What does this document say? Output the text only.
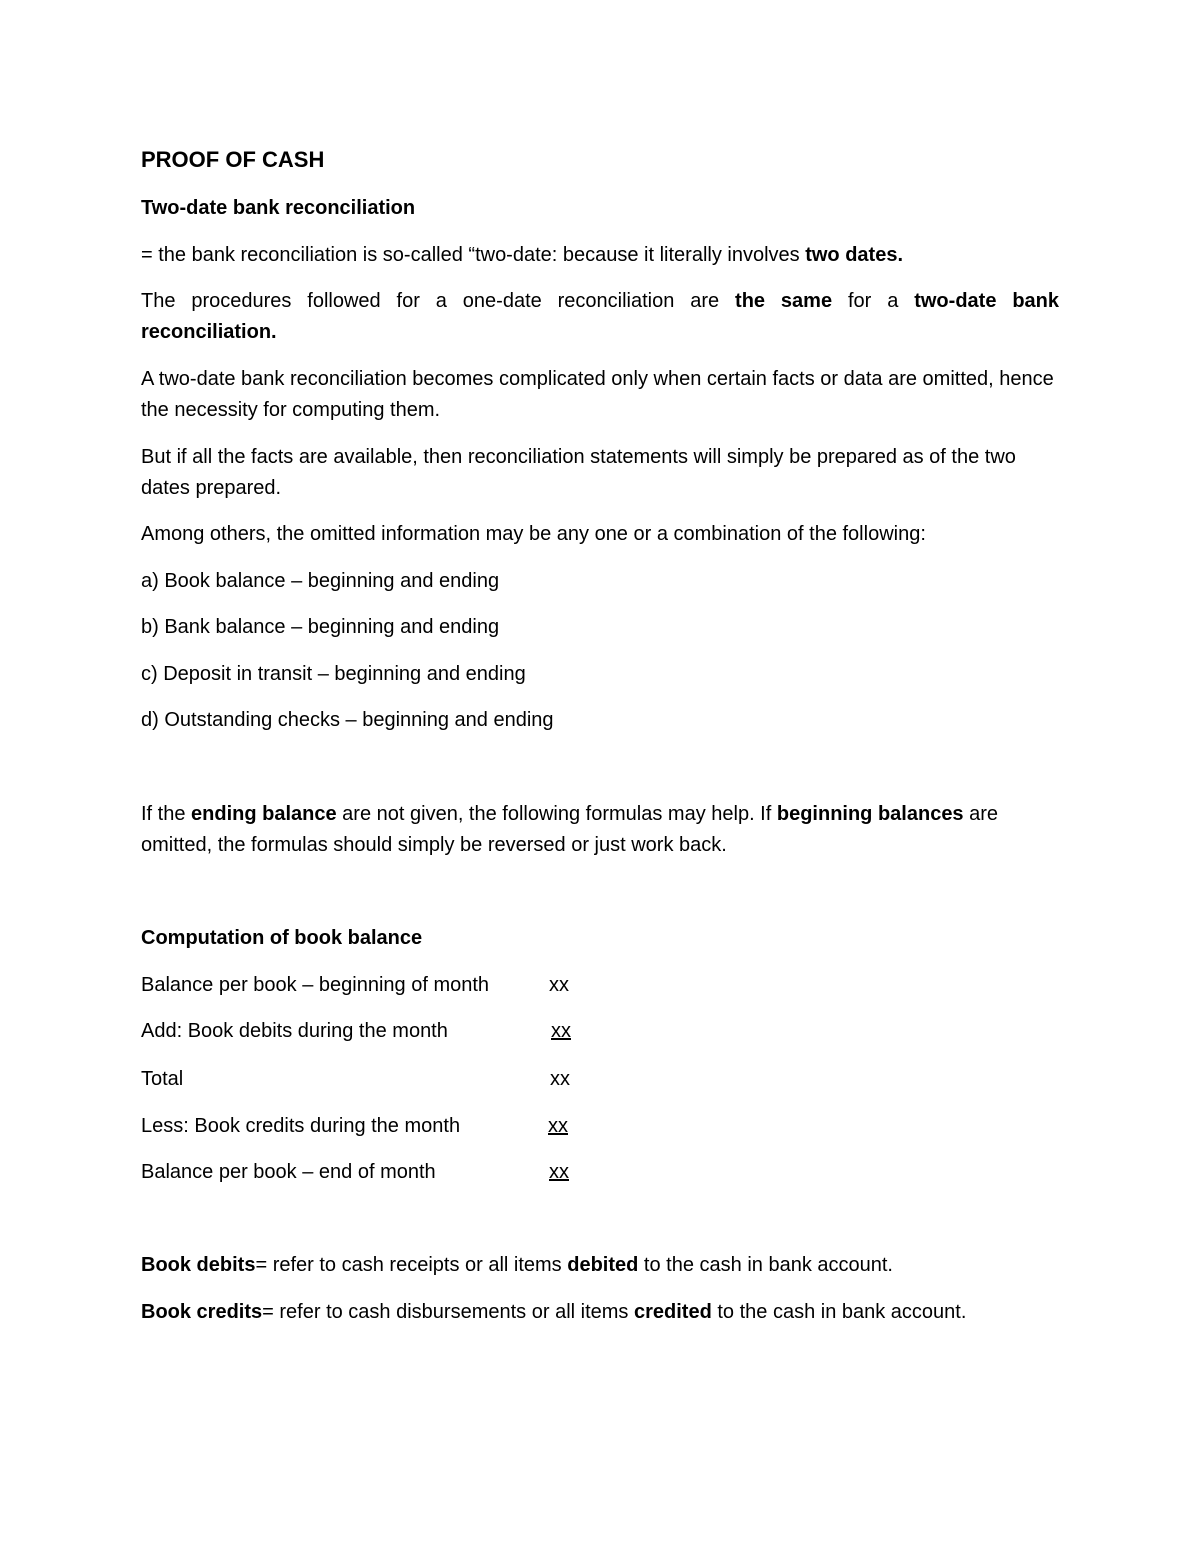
PROOF OF CASH

Two-date bank reconciliation

= the bank reconciliation is so-called “two-date: because it literally involves two dates.

The procedures followed for a one-date reconciliation are the same for a two-date bank reconciliation.

A two-date bank reconciliation becomes complicated only when certain facts or data are omitted, hence the necessity for computing them.

But if all the facts are available, then reconciliation statements will simply be prepared as of the two dates prepared.

Among others, the omitted information may be any one or a combination of the following:

a) Book balance – beginning and ending

b) Bank balance – beginning and ending

c) Deposit in transit – beginning and ending

d) Outstanding checks – beginning and ending

If the ending balance are not given, the following formulas may help. If beginning balances are omitted, the formulas should simply be reversed or just work back.

Computation of book balance

Balance per book – beginning of month	xx
Add: Book debits during the month	xx
Total	xx
Less: Book credits during the month	xx
Balance per book – end of month	xx

Book debits= refer to cash receipts or all items debited to the cash in bank account.

Book credits= refer to cash disbursements or all items credited to the cash in bank account.
